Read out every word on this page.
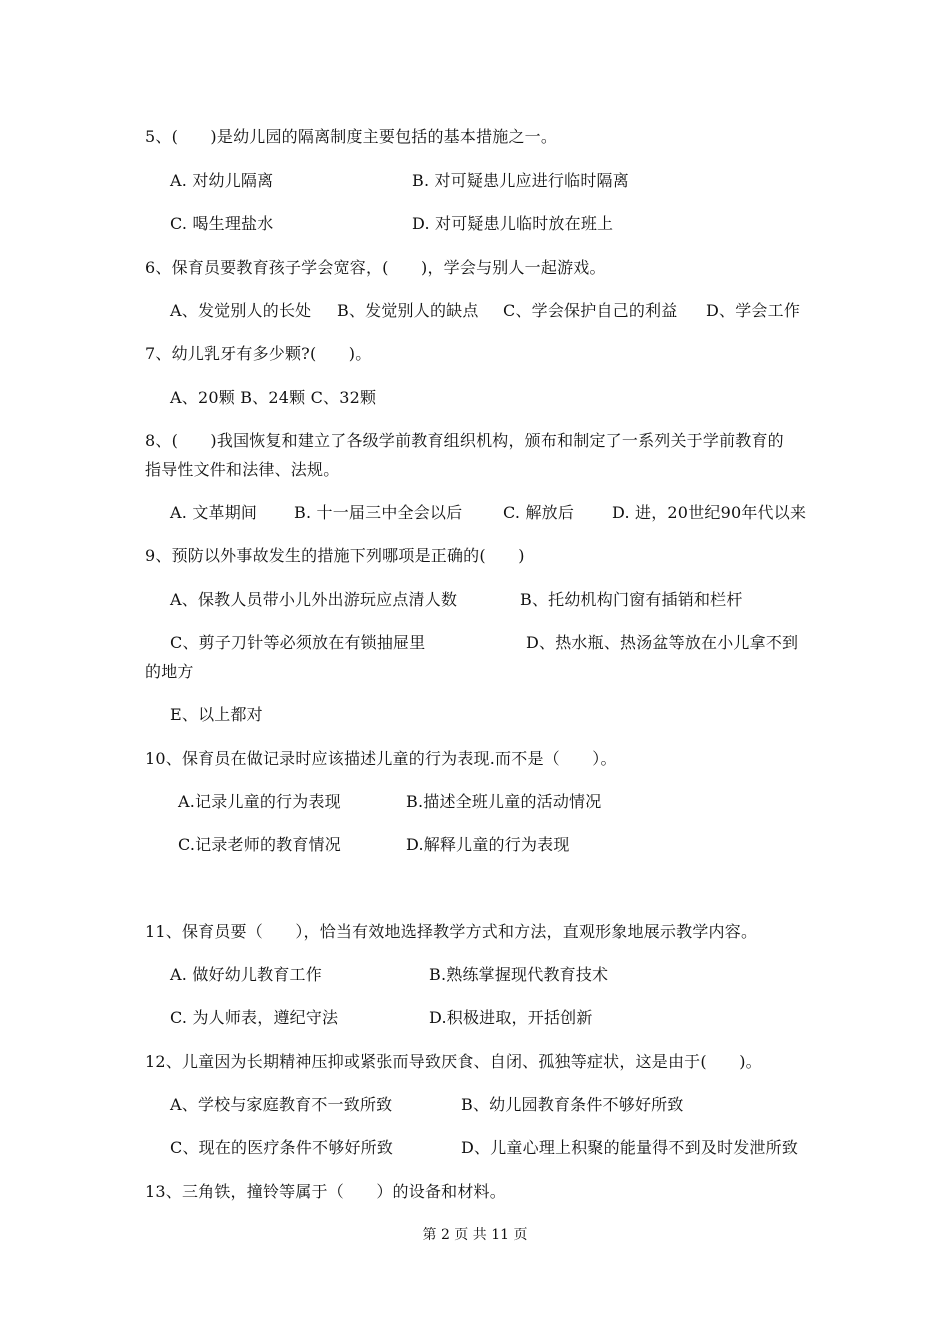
5、(　　)是幼儿园的隔离制度主要包括的基本措施之一。
A. 对幼儿隔离	B. 对可疑患儿应进行临时隔离
C. 喝生理盐水	D. 对可疑患儿临时放在班上
6、保育员要教育孩子学会宽容，(　　)，学会与别人一起游戏。
A、发觉别人的长处 B、发觉别人的缺点 C、学会保护自己的利益 D、学会工作
7、幼儿乳牙有多少颗?(　　)。
A、20颗 B、24颗 C、32颗
8、(　　)我国恢复和建立了各级学前教育组织机构，颁布和制定了一系列关于学前教育的
指导性文件和法律、法规。
A. 文革期间 B. 十一届三中全会以后	C. 解放后 D. 进，20世纪90年代以来
9、预防以外事故发生的措施下列哪项是正确的(　　)
A、保教人员带小儿外出游玩应点清人数	B、托幼机构门窗有插销和栏杆
C、剪子刀针等必须放在有锁抽屉里	D、热水瓶、热汤盆等放在小儿拿不到
的地方
E、以上都对
10、保育员在做记录时应该描述儿童的行为表现.而不是（　　）。
A.记录儿童的行为表现	B.描述全班儿童的活动情况
C.记录老师的教育情况	D.解释儿童的行为表现
11、保育员要（　　），恰当有效地选择教学方式和方法，直观形象地展示教学内容。
A. 做好幼儿教育工作	B.熟练掌握现代教育技术
C. 为人师表，遵纪守法	D.积极进取，开括创新
12、儿童因为长期精神压抑或紧张而导致厌食、自闭、孤独等症状，这是由于(　　)。
A、学校与家庭教育不一致所致	B、幼儿园教育条件不够好所致
C、现在的医疗条件不够好所致	D、儿童心理上积聚的能量得不到及时发泄所致
13、三角铁，撞铃等属于（　　）的设备和材料。
第 2 页 共 11 页
